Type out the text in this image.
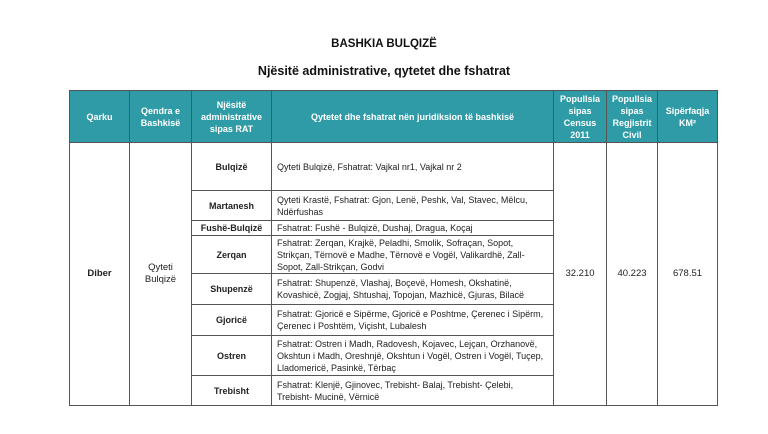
BASHKIA BULQIZË
Njësitë administrative, qytetet dhe fshatrat
Qarku	Qendra e Bashkisë	Njësitë administrative sipas RAT	Qytetet dhe fshatrat nën juridiksion të bashkisë	Popullsia sipas Census 2011	Popullsia sipas Regjistrit Civil	Sipërfaqja KM²
Diber	Qyteti Bulqizë	Bulqizë	Qyteti Bulqizë, Fshatrat: Vajkal nr1, Vajkal nr 2	32.210	40.223	678.51
		Martanesh	Qyteti Krastë, Fshatrat: Gjon, Lenë, Peshk, Val, Stavec, Mëlcu, Ndërfushas			
		Fushë-Bulqizë	Fshatrat: Fushë - Bulqizë, Dushaj, Dragua, Koçaj			
		Zerqan	Fshatrat: Zerqan, Krajkë, Peladhi, Smolik, Sofraçan, Sopot, Strikçan, Tërnovë e Madhe, Tërnovë e Vogël, Valikardhë, Zall-Sopot, Zall-Strikçan, Godvi			
		Shupenzë	Fshatrat: Shupenzë, Vlashaj, Boçevë, Homesh, Okshatinë, Kovashicë, Zogjaj, Shtushaj, Topojan, Mazhicë, Gjuras, Bilacë			
		Gjoricë	Fshatrat: Gjoricë e Sipërme, Gjoricë e Poshtme, Çerenec i Sipërm, Çerenec i Poshtëm, Viçisht, Lubalesh			
		Ostren	Fshatrat: Ostren i Madh, Radovesh, Kojavec, Lejçan, Orzhanovë, Okshtun i Madh, Oreshnjë, Okshtun i Vogël, Ostren i Vogël, Tuçep, Lladomericë, Pasinkë, Tërbaç			
		Trebisht	Fshatrat: Klenjë, Gjinovec, Trebisht- Balaj, Trebisht- Çelebi, Trebisht- Mucinë, Vërnicë			
